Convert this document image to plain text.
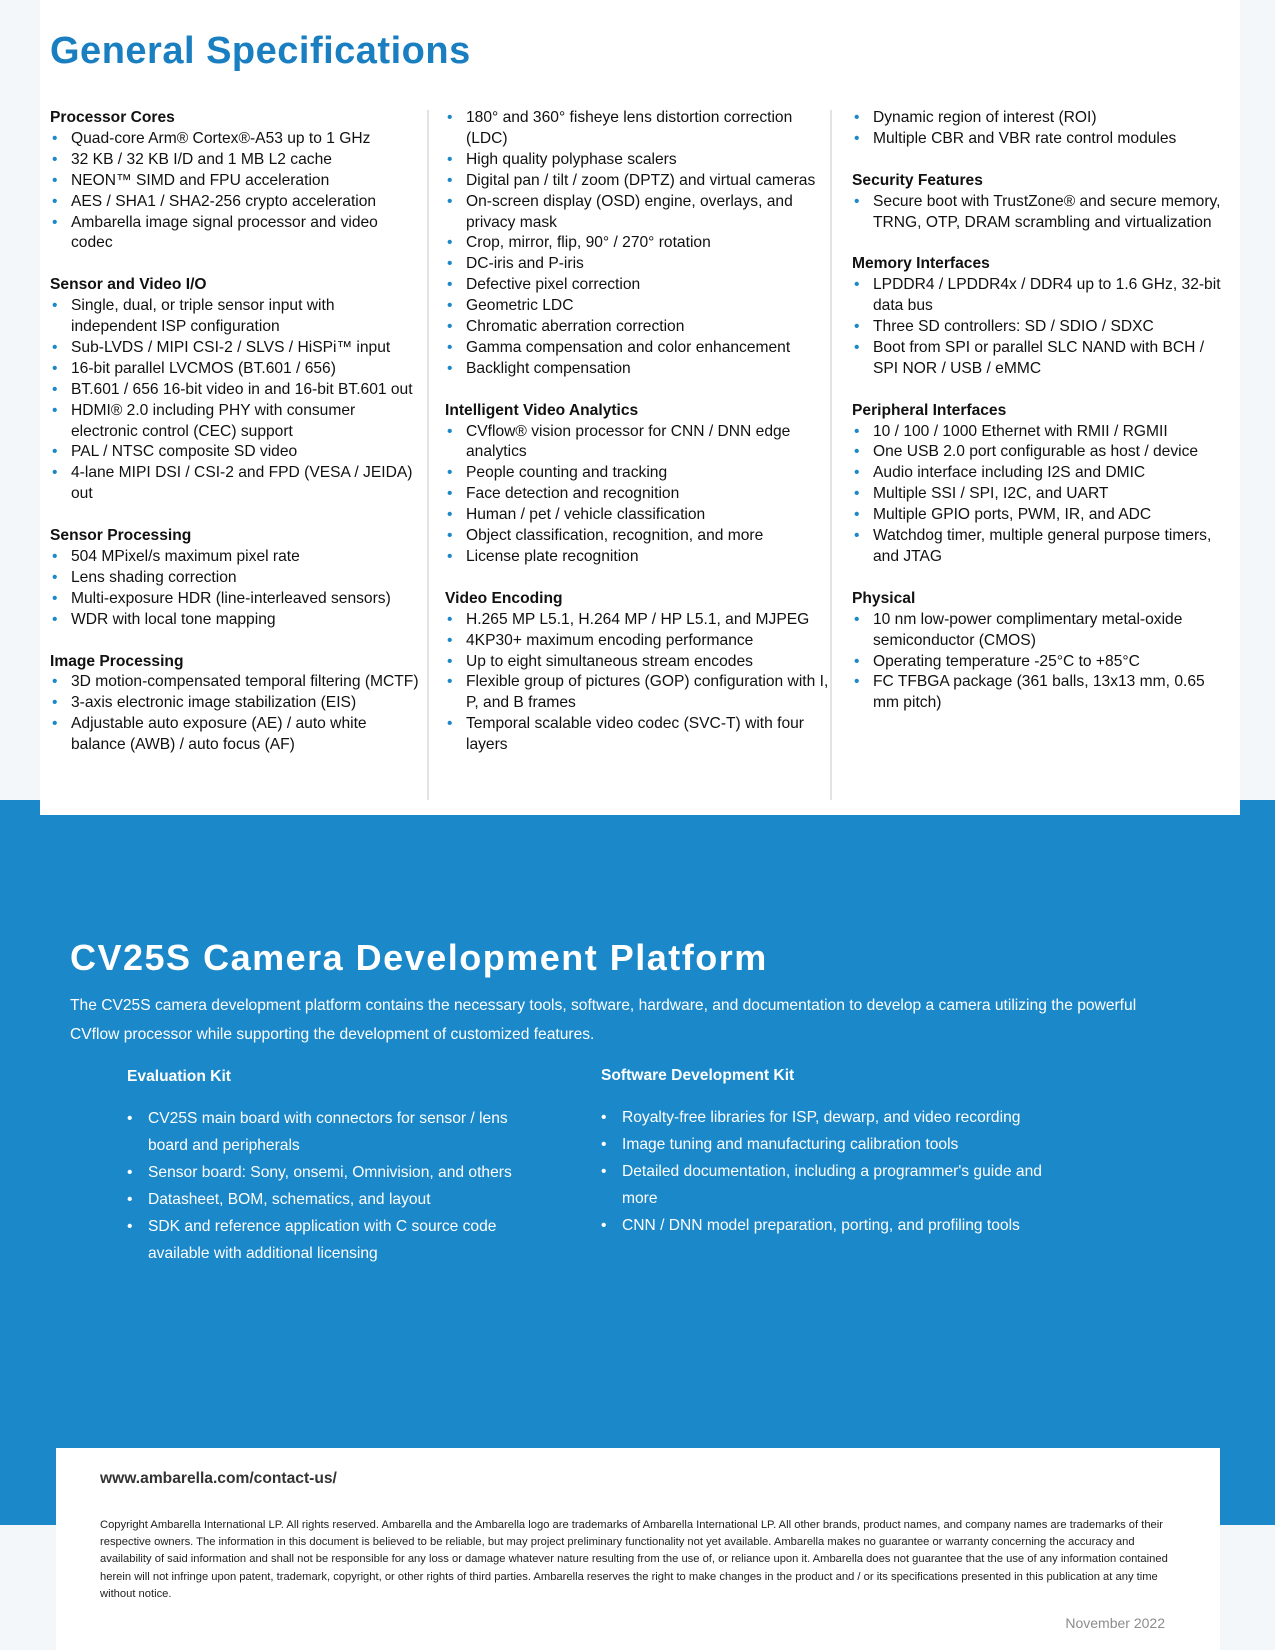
General Specifications
Processor Cores
• Quad-core Arm® Cortex®-A53 up to 1 GHz
• 32 KB / 32 KB I/D and 1 MB L2 cache
• NEON™ SIMD and FPU acceleration
• AES / SHA1 / SHA2-256 crypto acceleration
• Ambarella image signal processor and video codec
Sensor and Video I/O
• Single, dual, or triple sensor input with independent ISP configuration
• Sub-LVDS / MIPI CSI-2 / SLVS / HiSPi™ input
• 16-bit parallel LVCMOS (BT.601 / 656)
• BT.601 / 656 16-bit video in and 16-bit BT.601 out
• HDMI® 2.0 including PHY with consumer electronic control (CEC) support
• PAL / NTSC composite SD video
• 4-lane MIPI DSI / CSI-2 and FPD (VESA / JEIDA) out
Sensor Processing
• 504 MPixel/s maximum pixel rate
• Lens shading correction
• Multi-exposure HDR (line-interleaved sensors)
• WDR with local tone mapping
Image Processing
• 3D motion-compensated temporal filtering (MCTF)
• 3-axis electronic image stabilization (EIS)
• Adjustable auto exposure (AE) / auto white balance (AWB) / auto focus (AF)
• 180° and 360° fisheye lens distortion correction (LDC)
• High quality polyphase scalers
• Digital pan / tilt / zoom (DPTZ) and virtual cameras
• On-screen display (OSD) engine, overlays, and privacy mask
• Crop, mirror, flip, 90° / 270° rotation
• DC-iris and P-iris
• Defective pixel correction
• Geometric LDC
• Chromatic aberration correction
• Gamma compensation and color enhancement
• Backlight compensation
Intelligent Video Analytics
• CVflow® vision processor for CNN / DNN edge analytics
• People counting and tracking
• Face detection and recognition
• Human / pet / vehicle classification
• Object classification, recognition, and more
• License plate recognition
Video Encoding
• H.265 MP L5.1, H.264 MP / HP L5.1, and MJPEG
• 4KP30+ maximum encoding performance
• Up to eight simultaneous stream encodes
• Flexible group of pictures (GOP) configuration with I, P, and B frames
• Temporal scalable video codec (SVC-T) with four layers
• Dynamic region of interest (ROI)
• Multiple CBR and VBR rate control modules
Security Features
• Secure boot with TrustZone® and secure memory, TRNG, OTP, DRAM scrambling and virtualization
Memory Interfaces
• LPDDR4 / LPDDR4x / DDR4 up to 1.6 GHz, 32-bit data bus
• Three SD controllers: SD / SDIO / SDXC
• Boot from SPI or parallel SLC NAND with BCH / SPI NOR / USB / eMMC
Peripheral Interfaces
• 10 / 100 / 1000 Ethernet with RMII / RGMII
• One USB 2.0 port configurable as host / device
• Audio interface including I2S and DMIC
• Multiple SSI / SPI, I2C, and UART
• Multiple GPIO ports, PWM, IR, and ADC
• Watchdog timer, multiple general purpose timers, and JTAG
Physical
• 10 nm low-power complimentary metal-oxide semiconductor (CMOS)
• Operating temperature -25°C to +85°C
• FC TFBGA package (361 balls, 13x13 mm, 0.65 mm pitch)
CV25S Camera Development Platform

The CV25S camera development platform contains the necessary tools, software, hardware, and documentation to develop a camera utilizing the powerful CVflow processor while supporting the development of customized features.

Evaluation Kit
• CV25S main board with connectors for sensor / lens board and peripherals
• Sensor board: Sony, onsemi, Omnivision, and others
• Datasheet, BOM, schematics, and layout
• SDK and reference application with C source code available with additional licensing
Software Development Kit
• Royalty-free libraries for ISP, dewarp, and video recording
• Image tuning and manufacturing calibration tools
• Detailed documentation, including a programmer's guide and more
• CNN / DNN model preparation, porting, and profiling tools
www.ambarella.com/contact-us/

Copyright Ambarella International LP. All rights reserved. Ambarella and the Ambarella logo are trademarks of Ambarella International LP. All other brands, product names, and company names are trademarks of their respective owners. The information in this document is believed to be reliable, but may project preliminary functionality not yet available. Ambarella makes no guarantee or warranty concerning the accuracy and availability of said information and shall not be responsible for any loss or damage whatever nature resulting from the use of, or reliance upon it. Ambarella does not guarantee that the use of any information contained herein will not infringe upon patent, trademark, copyright, or other rights of third parties. Ambarella reserves the right to make changes in the product and / or its specifications presented in this publication at any time without notice.

November 2022
